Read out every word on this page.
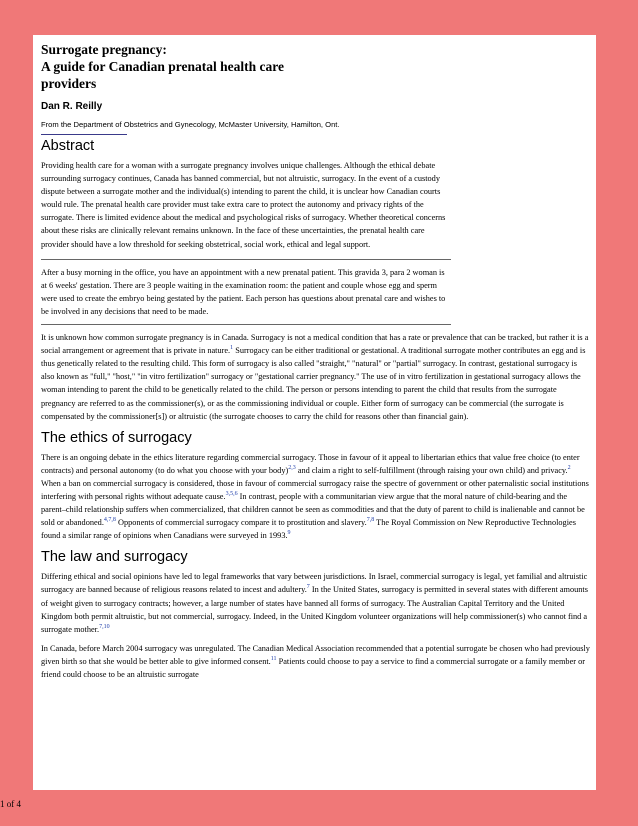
Surrogate pregnancy:
A guide for Canadian prenatal health care
providers

Dan R. Reilly

From the Department of Obstetrics and Gynecology, McMaster University, Hamilton, Ont.

Abstract

Providing health care for a woman with a surrogate pregnancy involves unique challenges. Although the ethical debate surrounding surrogacy continues, Canada has banned commercial, but not altruistic, surrogacy. In the event of a custody dispute between a surrogate mother and the individual(s) intending to parent the child, it is unclear how Canadian courts would rule. The prenatal health care provider must take extra care to protect the autonomy and privacy rights of the surrogate. There is limited evidence about the medical and psychological risks of surrogacy. Whether theoretical concerns about these risks are clinically relevant remains unknown. In the face of these uncertainties, the prenatal health care provider should have a low threshold for seeking obstetrical, social work, ethical and legal support.

After a busy morning in the office, you have an appointment with a new prenatal patient. This gravida 3, para 2 woman is at 6 weeks' gestation. There are 3 people waiting in the examination room: the patient and couple whose egg and sperm were used to create the embryo being gestated by the patient. Each person has questions about prenatal care and wishes to be involved in any decisions that need to be made.

It is unknown how common surrogate pregnancy is in Canada. Surrogacy is not a medical condition that has a rate or prevalence that can be tracked, but rather it is a social arrangement or agreement that is private in nature.$^1$ Surrogacy can be either traditional or gestational. A traditional surrogate mother contributes an egg and is thus genetically related to the resulting child. This form of surrogacy is also called "straight," "natural" or "partial" surrogacy. In contrast, gestational surrogacy is also known as "full," "host," "in vitro fertilization" surrogacy or "gestational carrier pregnancy." The use of in vitro fertilization in gestational surrogacy allows the woman intending to parent the child to be genetically related to the child. The person or persons intending to parent the child that results from the surrogate pregnancy are referred to as the commissioner(s), or as the commissioning individual or couple. Either form of surrogacy can be commercial (the surrogate is compensated by the commissioner[s]) or altruistic (the surrogate chooses to carry the child for reasons other than financial gain).

The ethics of surrogacy

There is an ongoing debate in the ethics literature regarding commercial surrogacy. Those in favour of it appeal to libertarian ethics that value free choice (to enter contracts) and personal autonomy (to do what you choose with your body)$^{2,3}$ and claim a right to self-fulfillment (through raising your own child) and privacy.$^2$ When a ban on commercial surrogacy is considered, those in favour of commercial surrogacy raise the spectre of government or other paternalistic social institutions interfering with personal rights without adequate cause.$^{3,5,6}$ In contrast, people with a communitarian view argue that the moral nature of child-bearing and the parent–child relationship suffers when commercialized, that children cannot be seen as commodities and that the duty of parent to child is inalienable and cannot be sold or abandoned.$^{4,7,8}$ Opponents of commercial surrogacy compare it to prostitution and slavery.$^{7,8}$ The Royal Commission on New Reproductive Technologies found a similar range of opinions when Canadians were surveyed in 1993.$^9$

The law and surrogacy

Differing ethical and social opinions have led to legal frameworks that vary between jurisdictions. In Israel, commercial surrogacy is legal, yet familial and altruistic surrogacy are banned because of religious reasons related to incest and adultery.$^7$ In the United States, surrogacy is permitted in several states with different amounts of weight given to surrogacy contracts; however, a large number of states have banned all forms of surrogacy. The Australian Capital Territory and the United Kingdom both permit altruistic, but not commercial, surrogacy. Indeed, in the United Kingdom volunteer organizations will help commissioner(s) who cannot find a surrogate mother.$^{7,10}$

In Canada, before March 2004 surrogacy was unregulated. The Canadian Medical Association recommended that a potential surrogate be chosen who had previously given birth so that she would be better able to give informed consent.$^{11}$ Patients could choose to pay a service to find a commercial surrogate or a family member or friend could choose to be an altruistic surrogate

1 of 4
